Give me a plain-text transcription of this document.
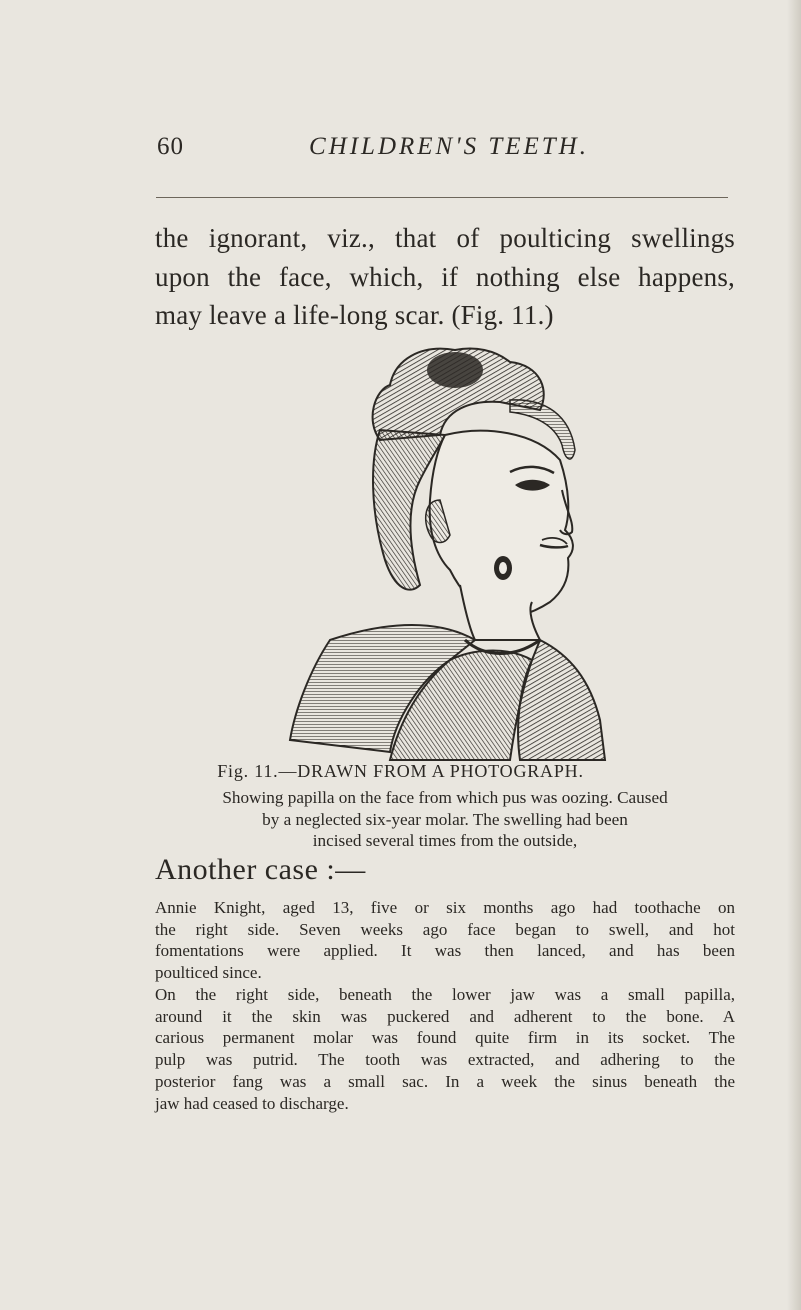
60	CHILDREN'S TEETH.
the ignorant, viz., that of poulticing swellings
upon the face, which, if nothing else happens,
may leave a life-long scar. (Fig. 11.)
Fig. 11.—DRAWN FROM A PHOTOGRAPH.
Showing papilla on the face from which pus was oozing. Caused
by a neglected six-year molar. The swelling had been
incised several times from the outside,
Another case :—
Annie Knight, aged 13, five or six months ago had toothache on
the right side. Seven weeks ago face began to swell, and hot
fomentations were applied. It was then lanced, and has been
poulticed since.
On the right side, beneath the lower jaw was a small papilla,
around it the skin was puckered and adherent to the bone. A
carious permanent molar was found quite firm in its socket. The
pulp was putrid. The tooth was extracted, and adhering to the
posterior fang was a small sac. In a week the sinus beneath the
jaw had ceased to discharge.
